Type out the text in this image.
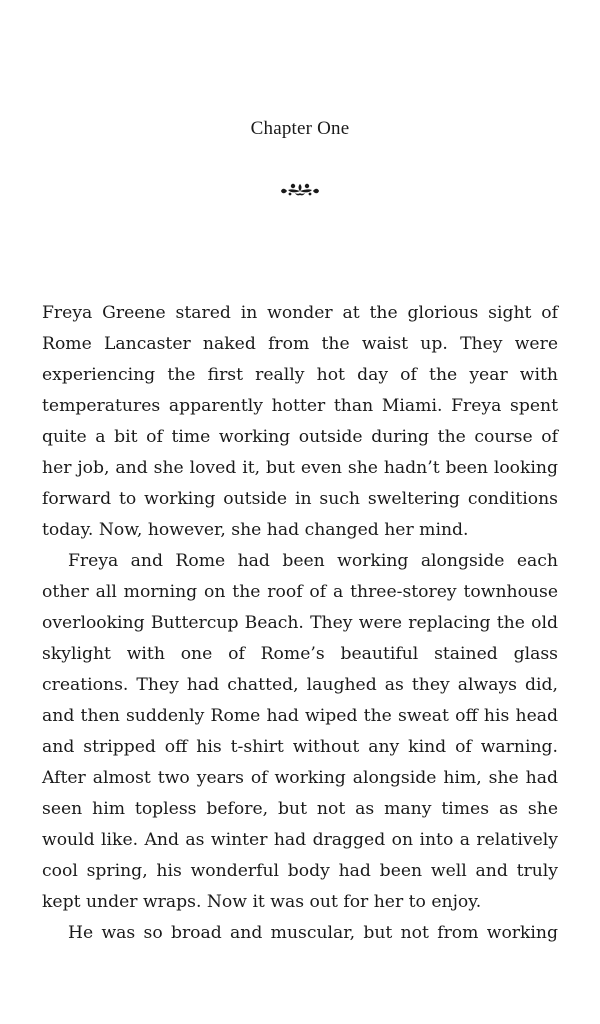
Chapter One

Freya Greene stared in wonder at the glorious sight of Rome Lancaster naked from the waist up. They were experiencing the first really hot day of the year with temperatures apparently hotter than Miami. Freya spent quite a bit of time working outside during the course of her job, and she loved it, but even she hadn’t been looking forward to working outside in such sweltering conditions today. Now, however, she had changed her mind.

Freya and Rome had been working alongside each other all morning on the roof of a three-storey townhouse overlooking Buttercup Beach. They were replacing the old skylight with one of Rome’s beautiful stained glass creations. They had chatted, laughed as they always did, and then suddenly Rome had wiped the sweat off his head and stripped off his t-shirt without any kind of warning. After almost two years of working alongside him, she had seen him topless before, but not as many times as she would like. And as winter had dragged on into a relatively cool spring, his wonderful body had been well and truly kept under wraps. Now it was out for her to enjoy.

He was so broad and muscular, but not from working
